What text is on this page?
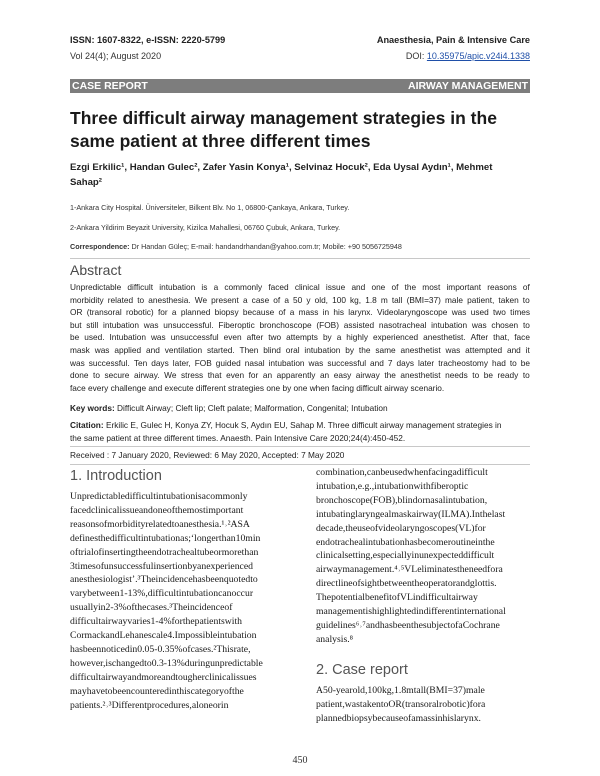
ISSN: 1607-8322, e-ISSN: 2220-5799	Anaesthesia, Pain & Intensive Care
Vol 24(4); August 2020	DOI: 10.35975/apic.v24i4.1338
CASE REPORT	AIRWAY MANAGEMENT
Three difficult airway management strategies in the
same patient at three different times
Ezgi Erkilic¹, Handan Gulec², Zafer Yasin Konya¹, Selvinaz Hocuk², Eda Uysal Aydın¹, Mehmet
Sahap²
1-Ankara City Hospital. Üniversiteler, Bilkent Blv. No 1, 06800-Çankaya, Ankara, Turkey.
2-Ankara Yildirim Beyazit University, Kizilca Mahallesi, 06760 Çubuk, Ankara, Turkey.
Correspondence: Dr Handan Güleç; E-mail: handandrhandan@yahoo.com.tr; Mobile: +90 5056725948
Abstract
Unpredictable difficult intubation is a commonly faced clinical issue and one of the most important reasons of
morbidity related to anesthesia. We present a case of a 50 y old, 100 kg, 1.8 m tall (BMI=37) male patient, taken to
OR (transoral robotic) for a planned biopsy because of a mass in his larynx. Videolaryngoscope was used two times
but still intubation was unsuccessful. Fiberoptic bronchoscope (FOB) assisted nasotracheal intubation was chosen to
be used. Intubation was unsuccessful even after two attempts by a highly experienced anesthetist. After that, face
mask was applied and ventilation started. Then blind oral intubation by the same anesthetist was attempted and it
was successful. Ten days later, FOB guided nasal intubation was successful and 7 days later tracheostomy had to be
done to secure airway. We stress that even for an apparently an easy airway the anesthetist needs to be ready to
face every challenge and execute different strategies one by one when facing difficult airway scenario.
Key words: Difficult Airway; Cleft lip; Cleft palate; Malformation, Congenital; Intubation
Citation: Erkilic E, Gulec H, Konya ZY, Hocuk S, Aydın EU, Sahap M. Three difficult airway management strategies in
the same patient at three different times. Anaesth. Pain Intensive Care 2020;24(4):450-452.
Received : 7 January 2020, Reviewed: 6 May 2020, Accepted: 7 May 2020
1. Introduction
Unpredictabledifficultintubationisacommonly
facedclinicalissueandoneofthemostimportant
reasonsofmorbidityrelatedtoanesthesia.¹˒²ASA
definesthedifficultintubationas;‘longerthan10min
oftrialofinsertingtheendotrachealtubeormorethan
3timesofunsuccessfulinsertionbyanexperienced
anesthesiologist’.³Theincidencehasbeenquotedto
varybetween1-13%,difficultintubationcanoccur
usuallyin2-3%ofthecases.³Theincidenceof
difficultairwayvaries1-4%forthepatientswith
CormackandLehanescale4.Impossibleintubation
hasbeennoticedin0.05-0.35%ofcases.²Thisrate,
however,ischangedto0.3-13%duringunpredictable
difficultairwayandmoreandtougherclinicalissues
mayhavetobeencounteredinthiscategoryofthe
patients.²˒³Differentprocedures,aloneorin
combination,canbeusedwhenfacingadifficult
intubation,e.g.,intubationwithfiberoptic
bronchoscope(FOB),blindornasalintubation,
intubatinglaryngealmaskairway(ILMA).Inthelast
decade,theuseofvideolaryngoscopes(VL)for
endotrachealintubationhasbecomeroutineinthe
clinicalsetting,especiallyinunexpecteddifficult
airwaymanagement.⁴˒⁵VLeliminatestheneedfora
directlineofsightbetweentheoperatorandglottis.
ThepotentialbenefitofVLindifficultairway
managementishighlightedindifferentinternational
guidelines⁶˒⁷andhasbeenthesubjectofaCochrane
analysis.⁸
2. Case report
A50-yearold,100kg,1.8mtall(BMI=37)male
patient,wastakentoOR(transoralrobotic)fora
plannedbiopsybecauseofamassinhislarynx.
450
